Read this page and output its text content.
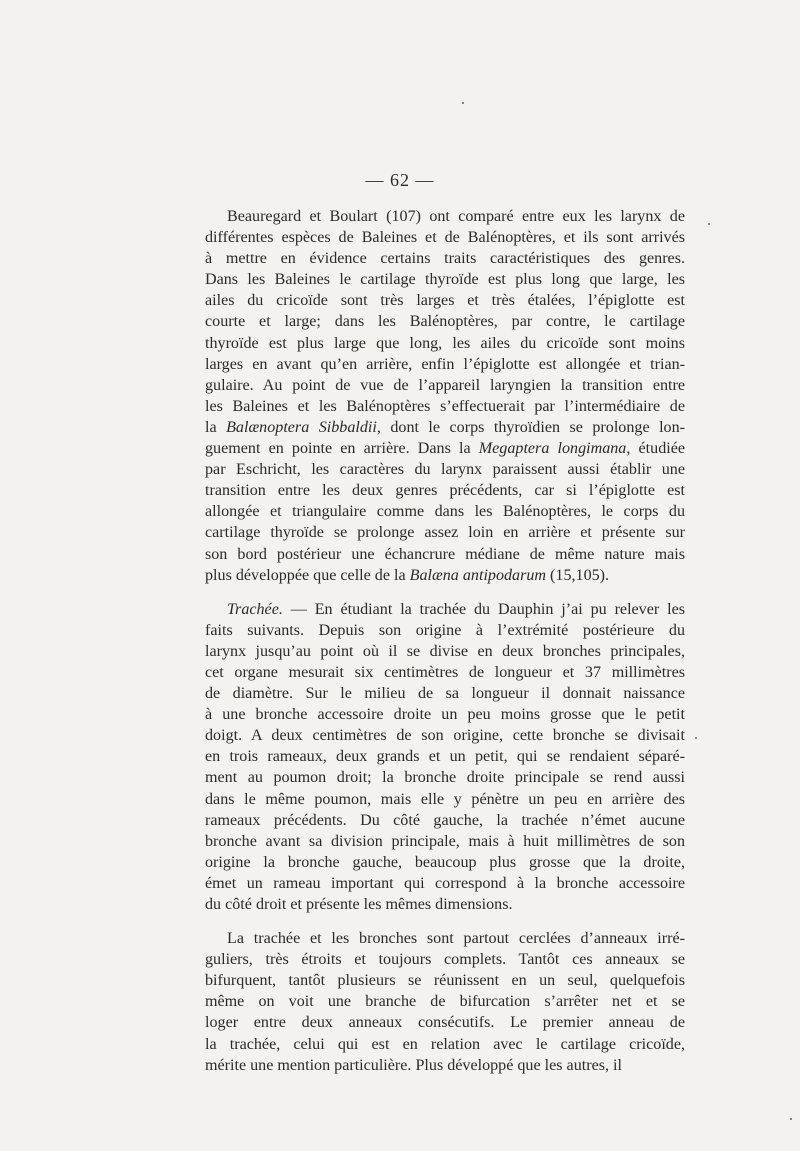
— 62 —
Beauregard et Boulart (107) ont comparé entre eux les larynx de
différentes espèces de Baleines et de Balénoptères, et ils sont arrivés
à mettre en évidence certains traits caractéristiques des genres.
Dans les Baleines le cartilage thyroïde est plus long que large, les
ailes du cricoïde sont très larges et très étalées, l’épiglotte est
courte et large; dans les Balénoptères, par contre, le cartilage
thyroïde est plus large que long, les ailes du cricoïde sont moins
larges en avant qu’en arrière, enfin l’épiglotte est allongée et trian-
gulaire. Au point de vue de l’appareil laryngien la transition entre
les Baleines et les Balénoptères s’effectuerait par l’intermédiaire de
la Balænoptera Sibbaldii, dont le corps thyroïdien se prolonge lon-
guement en pointe en arrière. Dans la Megaptera longimana, étudiée
par Eschricht, les caractères du larynx paraissent aussi établir une
transition entre les deux genres précédents, car si l’épiglotte est
allongée et triangulaire comme dans les Balénoptères, le corps du
cartilage thyroïde se prolonge assez loin en arrière et présente sur
son bord postérieur une échancrure médiane de même nature mais
plus développée que celle de la Balæna antipodarum (15,105).
Trachée. — En étudiant la trachée du Dauphin j’ai pu relever les
faits suivants. Depuis son origine à l’extrémité postérieure du
larynx jusqu’au point où il se divise en deux bronches principales,
cet organe mesurait six centimètres de longueur et 37 millimètres
de diamètre. Sur le milieu de sa longueur il donnait naissance
à une bronche accessoire droite un peu moins grosse que le petit
doigt. A deux centimètres de son origine, cette bronche se divisait
en trois rameaux, deux grands et un petit, qui se rendaient séparé-
ment au poumon droit; la bronche droite principale se rend aussi
dans le même poumon, mais elle y pénètre un peu en arrière des
rameaux précédents. Du côté gauche, la trachée n’émet aucune
bronche avant sa division principale, mais à huit millimètres de son
origine la bronche gauche, beaucoup plus grosse que la droite,
émet un rameau important qui correspond à la bronche accessoire
du côté droit et présente les mêmes dimensions.
La trachée et les bronches sont partout cerclées d’anneaux irré-
guliers, très étroits et toujours complets. Tantôt ces anneaux se
bifurquent, tantôt plusieurs se réunissent en un seul, quelquefois
même on voit une branche de bifurcation s’arrêter net et se
loger entre deux anneaux consécutifs. Le premier anneau de
la trachée, celui qui est en relation avec le cartilage cricoïde,
mérite une mention particulière. Plus développé que les autres, il
